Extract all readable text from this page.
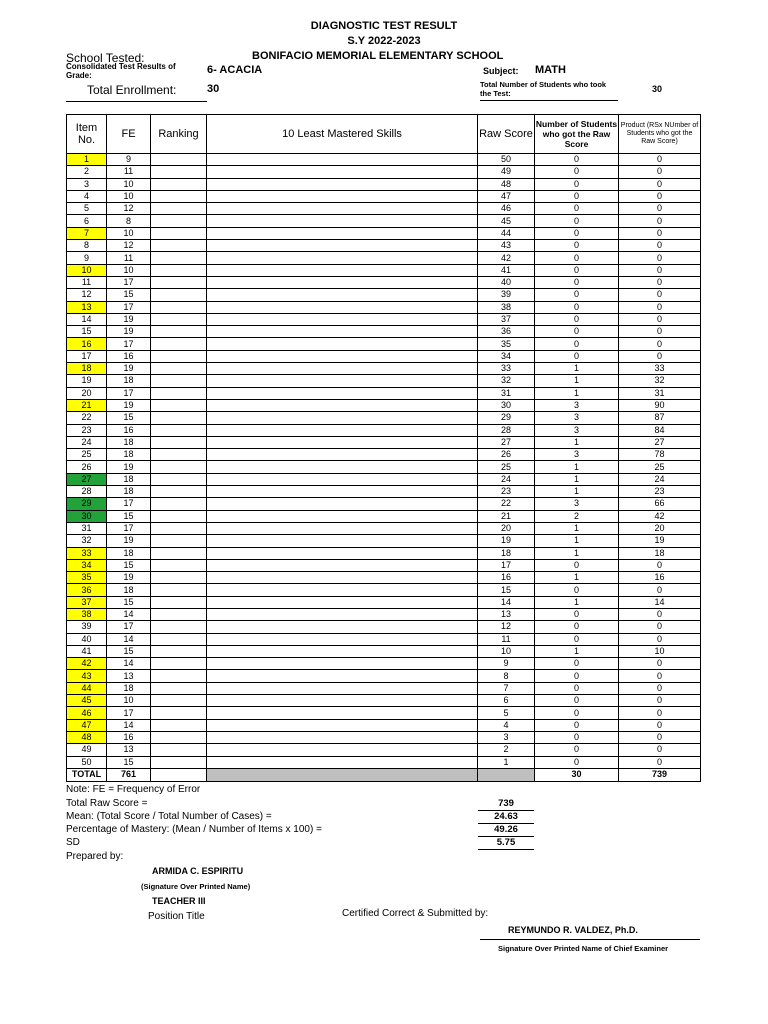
DIAGNOSTIC TEST RESULT
S.Y 2022-2023
School Tested:	BONIFACIO MEMORIAL ELEMENTARY SCHOOL
Consolidated Test Results of
Grade:	6- ACACIA	Subject: MATH
Total Enrollment:	30	Total Number of Students who took
the Test:	30
Item No.	FE	Ranking	10 Least Mastered Skills	Raw Score	Number of Students who got the Raw Score	Product (RSx NUmber of Students who got the Raw Score)
1	9			50	0	0
2	11			49	0	0
3	10			48	0	0
4	10			47	0	0
5	12			46	0	0
6	8			45	0	0
7	10			44	0	0
8	12			43	0	0
9	11			42	0	0
10	10			41	0	0
11	17			40	0	0
12	15			39	0	0
13	17			38	0	0
14	19			37	0	0
15	19			36	0	0
16	17			35	0	0
17	16			34	0	0
18	19			33	1	33
19	18			32	1	32
20	17			31	1	31
21	19			30	3	90
22	15			29	3	87
23	16			28	3	84
24	18			27	1	27
25	18			26	3	78
26	19			25	1	25
27	18			24	1	24
28	18			23	1	23
29	17			22	3	66
30	15			21	2	42
31	17			20	1	20
32	19			19	1	19
33	18			18	1	18
34	15			17	0	0
35	19			16	1	16
36	18			15	0	0
37	15			14	1	14
38	14			13	0	0
39	17			12	0	0
40	14			11	0	0
41	15			10	1	10
42	14			9	0	0
43	13			8	0	0
44	18			7	0	0
45	10			6	0	0
46	17			5	0	0
47	14			4	0	0
48	16			3	0	0
49	13			2	0	0
50	15			1	0	0
TOTAL	761				30	739
Note: FE = Frequency of Error
Total Raw Score =	739
Mean: (Total Score / Total Number of Cases) =	24.63
Percentage of Mastery: (Mean / Number of Items x 100) =	49.26
SD	5.75
Prepared by:
ARMIDA C. ESPIRITU
(Signature Over Printed Name)
TEACHER III
Position Title	Certified Correct & Submitted by:
REYMUNDO R. VALDEZ, Ph.D.
Signature Over Printed Name of Chief Examiner
